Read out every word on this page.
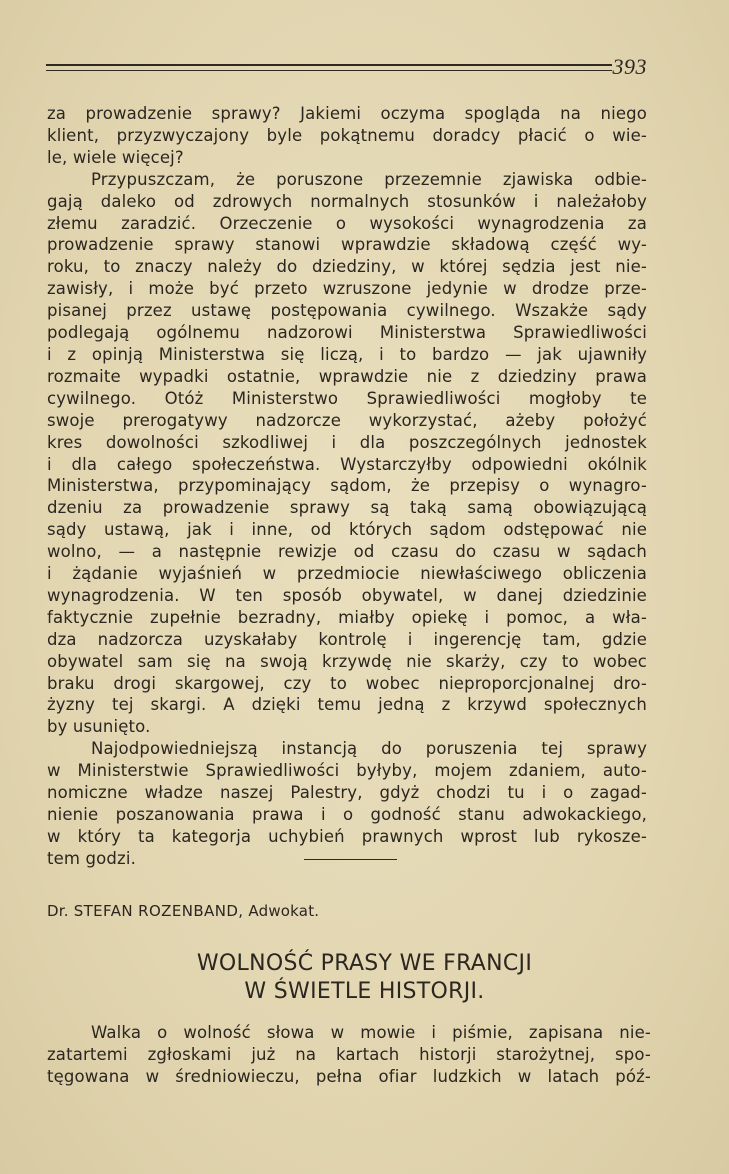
393
za prowadzenie sprawy? Jakiemi oczyma spogląda na niego
klient, przyzwyczajony byle pokątnemu doradcy płacić o wie-
le, wiele więcej?
Przypuszczam, że poruszone przezemnie zjawiska odbie-
gają daleko od zdrowych normalnych stosunków i należałoby
złemu zaradzić. Orzeczenie o wysokości wynagrodzenia za
prowadzenie sprawy stanowi wprawdzie składową część wy-
roku, to znaczy należy do dziedziny, w której sędzia jest nie-
zawisły, i może być przeto wzruszone jedynie w drodze prze-
pisanej przez ustawę postępowania cywilnego. Wszakże sądy
podlegają ogólnemu nadzorowi Ministerstwa Sprawiedliwości
i z opinją Ministerstwa się liczą, i to bardzo — jak ujawniły
rozmaite wypadki ostatnie, wprawdzie nie z dziedziny prawa
cywilnego. Otóż Ministerstwo Sprawiedliwości mogłoby te
swoje prerogatywy nadzorcze wykorzystać, ażeby położyć
kres dowolności szkodliwej i dla poszczególnych jednostek
i dla całego społeczeństwa. Wystarczyłby odpowiedni okólnik
Ministerstwa, przypominający sądom, że przepisy o wynagro-
dzeniu za prowadzenie sprawy są taką samą obowiązującą
sądy ustawą, jak i inne, od których sądom odstępować nie
wolno, — a następnie rewizje od czasu do czasu w sądach
i żądanie wyjaśnień w przedmiocie niewłaściwego obliczenia
wynagrodzenia. W ten sposób obywatel, w danej dziedzinie
faktycznie zupełnie bezradny, miałby opiekę i pomoc, a wła-
dza nadzorcza uzyskałaby kontrolę i ingerencję tam, gdzie
obywatel sam się na swoją krzywdę nie skarży, czy to wobec
braku drogi skargowej, czy to wobec nieproporcjonalnej dro-
żyzny tej skargi. A dzięki temu jedną z krzywd społecznych
by usunięto.
Najodpowiedniejszą instancją do poruszenia tej sprawy
w Ministerstwie Sprawiedliwości byłyby, mojem zdaniem, auto-
nomiczne władze naszej Palestry, gdyż chodzi tu i o zagad-
nienie poszanowania prawa i o godność stanu adwokackiego,
w który ta kategorja uchybień prawnych wprost lub rykosze-
tem godzi.
Dr. STEFAN ROZENBAND, Adwokat.
WOLNOŚĆ PRASY WE FRANCJI
W ŚWIETLE HISTORJI.
Walka o wolność słowa w mowie i piśmie, zapisana nie-
zatartemi zgłoskami już na kartach historji starożytnej, spo-
tęgowana w średniowieczu, pełna ofiar ludzkich w latach póź-
